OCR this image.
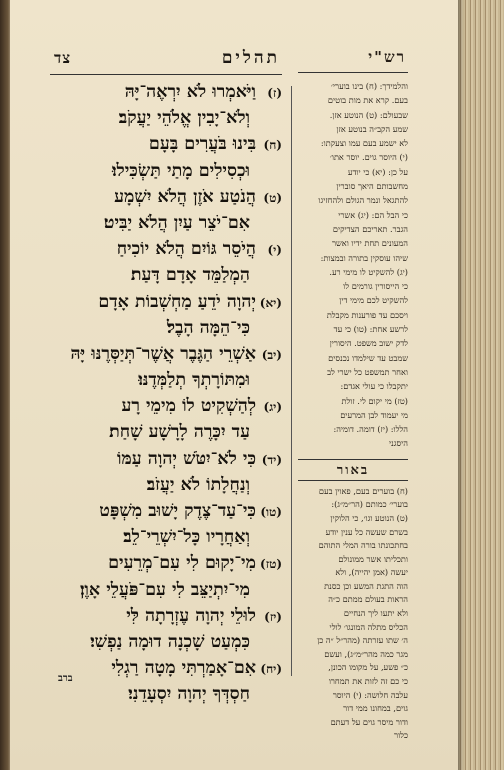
תהלים
צד
(ז)
וַיֹּאמְרוּ לֹא יִרְאֶה־יָּהּ
וְלֹא־יָבִין אֱלֹהֵי יַעֲקֹב׃
(ח)
בִּינוּ בֹּעֲרִים בָּעָם
וּכְסִילִים מָתַי תַּשְׂכִּילוּ׃
(ט)
הֲנֹטַע אֹזֶן הֲלֹא יִשְׁמָע
אִם־יֹצֵר עַיִן הֲלֹא יַבִּיט׃
(י)
הֲיֹסֵר גּוֹיִם הֲלֹא יוֹכִיחַ
הַמְלַמֵּד אָדָם דָּעַת׃
(יא)
יְהוָה יֹדֵעַ מַחְשְׁבוֹת אָדָם
כִּי־הֵמָּה הָבֶל׃
(יב)
אַשְׁרֵי הַגֶּבֶר אֲשֶׁר־תְּיַסְּרֶנּוּ יָּהּ
וּמִתּוֹרָתְךָ תְלַמְּדֶנּוּ׃
(יג)
לְהַשְׁקִיט לוֹ מִימֵי רָע
עַד יִכָּרֶה לָרָשָׁע שָׁחַת׃
(יד)
כִּי לֹא־יִטֹּשׁ יְהוָה עַמּוֹ
וְנַחֲלָתוֹ לֹא יַעֲזֹב׃
(טו)
כִּי־עַד־צֶדֶק יָשׁוּב מִשְׁפָּט
וְאַחֲרָיו כָּל־יִשְׁרֵי־לֵב׃
(טז)
מִי־יָקוּם לִי עִם־מְרֵעִים
מִי־יִתְיַצֵּב לִי עִם־פֹּעֲלֵי אָוֶן׃
(יז)
לוּלֵי יְהוָה עֶזְרָתָה לִּי
כִּמְעַט שָׁכְנָה דוּמָה נַפְשִׁי׃
(יח)
אִם־אָמַרְתִּי מָטָה רַגְלִי
חַסְדְּךָ יְהוָה יִסְעָדֵנִי׃
רש"י
והלמידך: (ח) בינו בוערי׳
בעם. קרא את מות בוטים
שבעולם: (ט) הנוטע אזן.
שמע הקב״ה בנוטע אזן
לא ישמע בעם עמו וצעקתו:
(י) היוסר גוים. יוסר אתו׳
על כן: (יא) כי יודע
מחשבותם היאך סוברין
להתגאל ונמר הגולם ולהחזיגו
כי הבל הם: (יג) אשרי
הגבר. תאריכם הצדיקים
המעונים תחת ידיו ואשר
שיהו עוסקין בתורה ובמצות:
(יג) להשקיט לו מימי רע.
כי הייסורין גורמים לו
להשקיט לכם מימי דין
ויסכם עד פורענות מקבלת
לרשע אחת: (טו) כי עד
לדק ישוב משפט. היסורין
שמבט עד שילמדו נכנסים
ואחר תמשפט כל ישרי לב
יתקבלו כי עולי אגדם:
(טז) מי יקום לי. זולת
מי יעמוד לבן המרעים
הללו: (יז) דומה. דומיה:
היסגני
באור
(ח) בוערים בעם, פאוין בעם
בוערי׳ כמותם (הר״מ״ג):
(ט) הנוטע וגו׳, כי הלוקין
בשרם שעשה כל ענין יודע
בחתכונתו בורה המלי התוהם
ותכליתו אשר ממונולם
יעשה (אמן יהייה), ולא
הוה התגת המשע וכן כסנת
הראות בעולם ממתם כ״ה
ולא יתעו ליך הנחיים
הכליס מתלה המונגו׳ לולי
ה׳ שתו עזרתה (מהר״ל ״ה כן
מגר כמה מהר״מ״ג), ועשם
כ״ פשע, על מקומו הכונן,
כי כם זה לזות את תמחרו
עלבה חלושה: (י) היוסר
גוים, במחונו ממי דור
ודור מיסר גוים על דעתם
כלור
ברב
